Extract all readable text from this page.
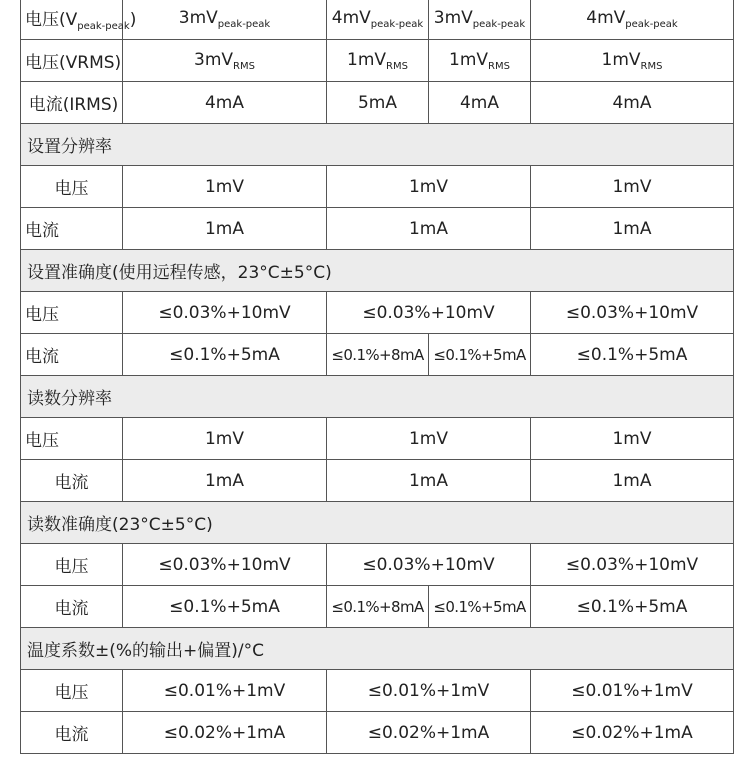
电压$(V_{peak-peak})$	$3mV_{peak-peak}$	$4mV_{peak-peak}$	$3mV_{peak-peak}$	$4mV_{peak-peak}$
电压(VRMS)	$3mV_{RMS}$	$1mV_{RMS}$	$1mV_{RMS}$	$1mV_{RMS}$
电流(IRMS)	4mA	5mA	4mA	4mA
设置分辨率				
电压	1mV	1mV		1mV
电流	1mA	1mA		1mA
设置准确度(使用远程传感，23°C±5°C)				
电压	≤0.03%+10mV	≤0.03%+10mV		≤0.03%+10mV
电流	≤0.1%+5mA	≤0.1%+8mA	≤0.1%+5mA	≤0.1%+5mA
读数分辨率				
电压	1mV	1mV		1mV
电流	1mA	1mA		1mA
读数准确度(23°C±5°C)				
电压	≤0.03%+10mV	≤0.03%+10mV		≤0.03%+10mV
电流	≤0.1%+5mA	≤0.1%+8mA	≤0.1%+5mA	≤0.1%+5mA
温度系数±(%的输出+偏置)/°C				
电压	≤0.01%+1mV	≤0.01%+1mV		≤0.01%+1mV
电流	≤0.02%+1mA	≤0.02%+1mA		≤0.02%+1mA
